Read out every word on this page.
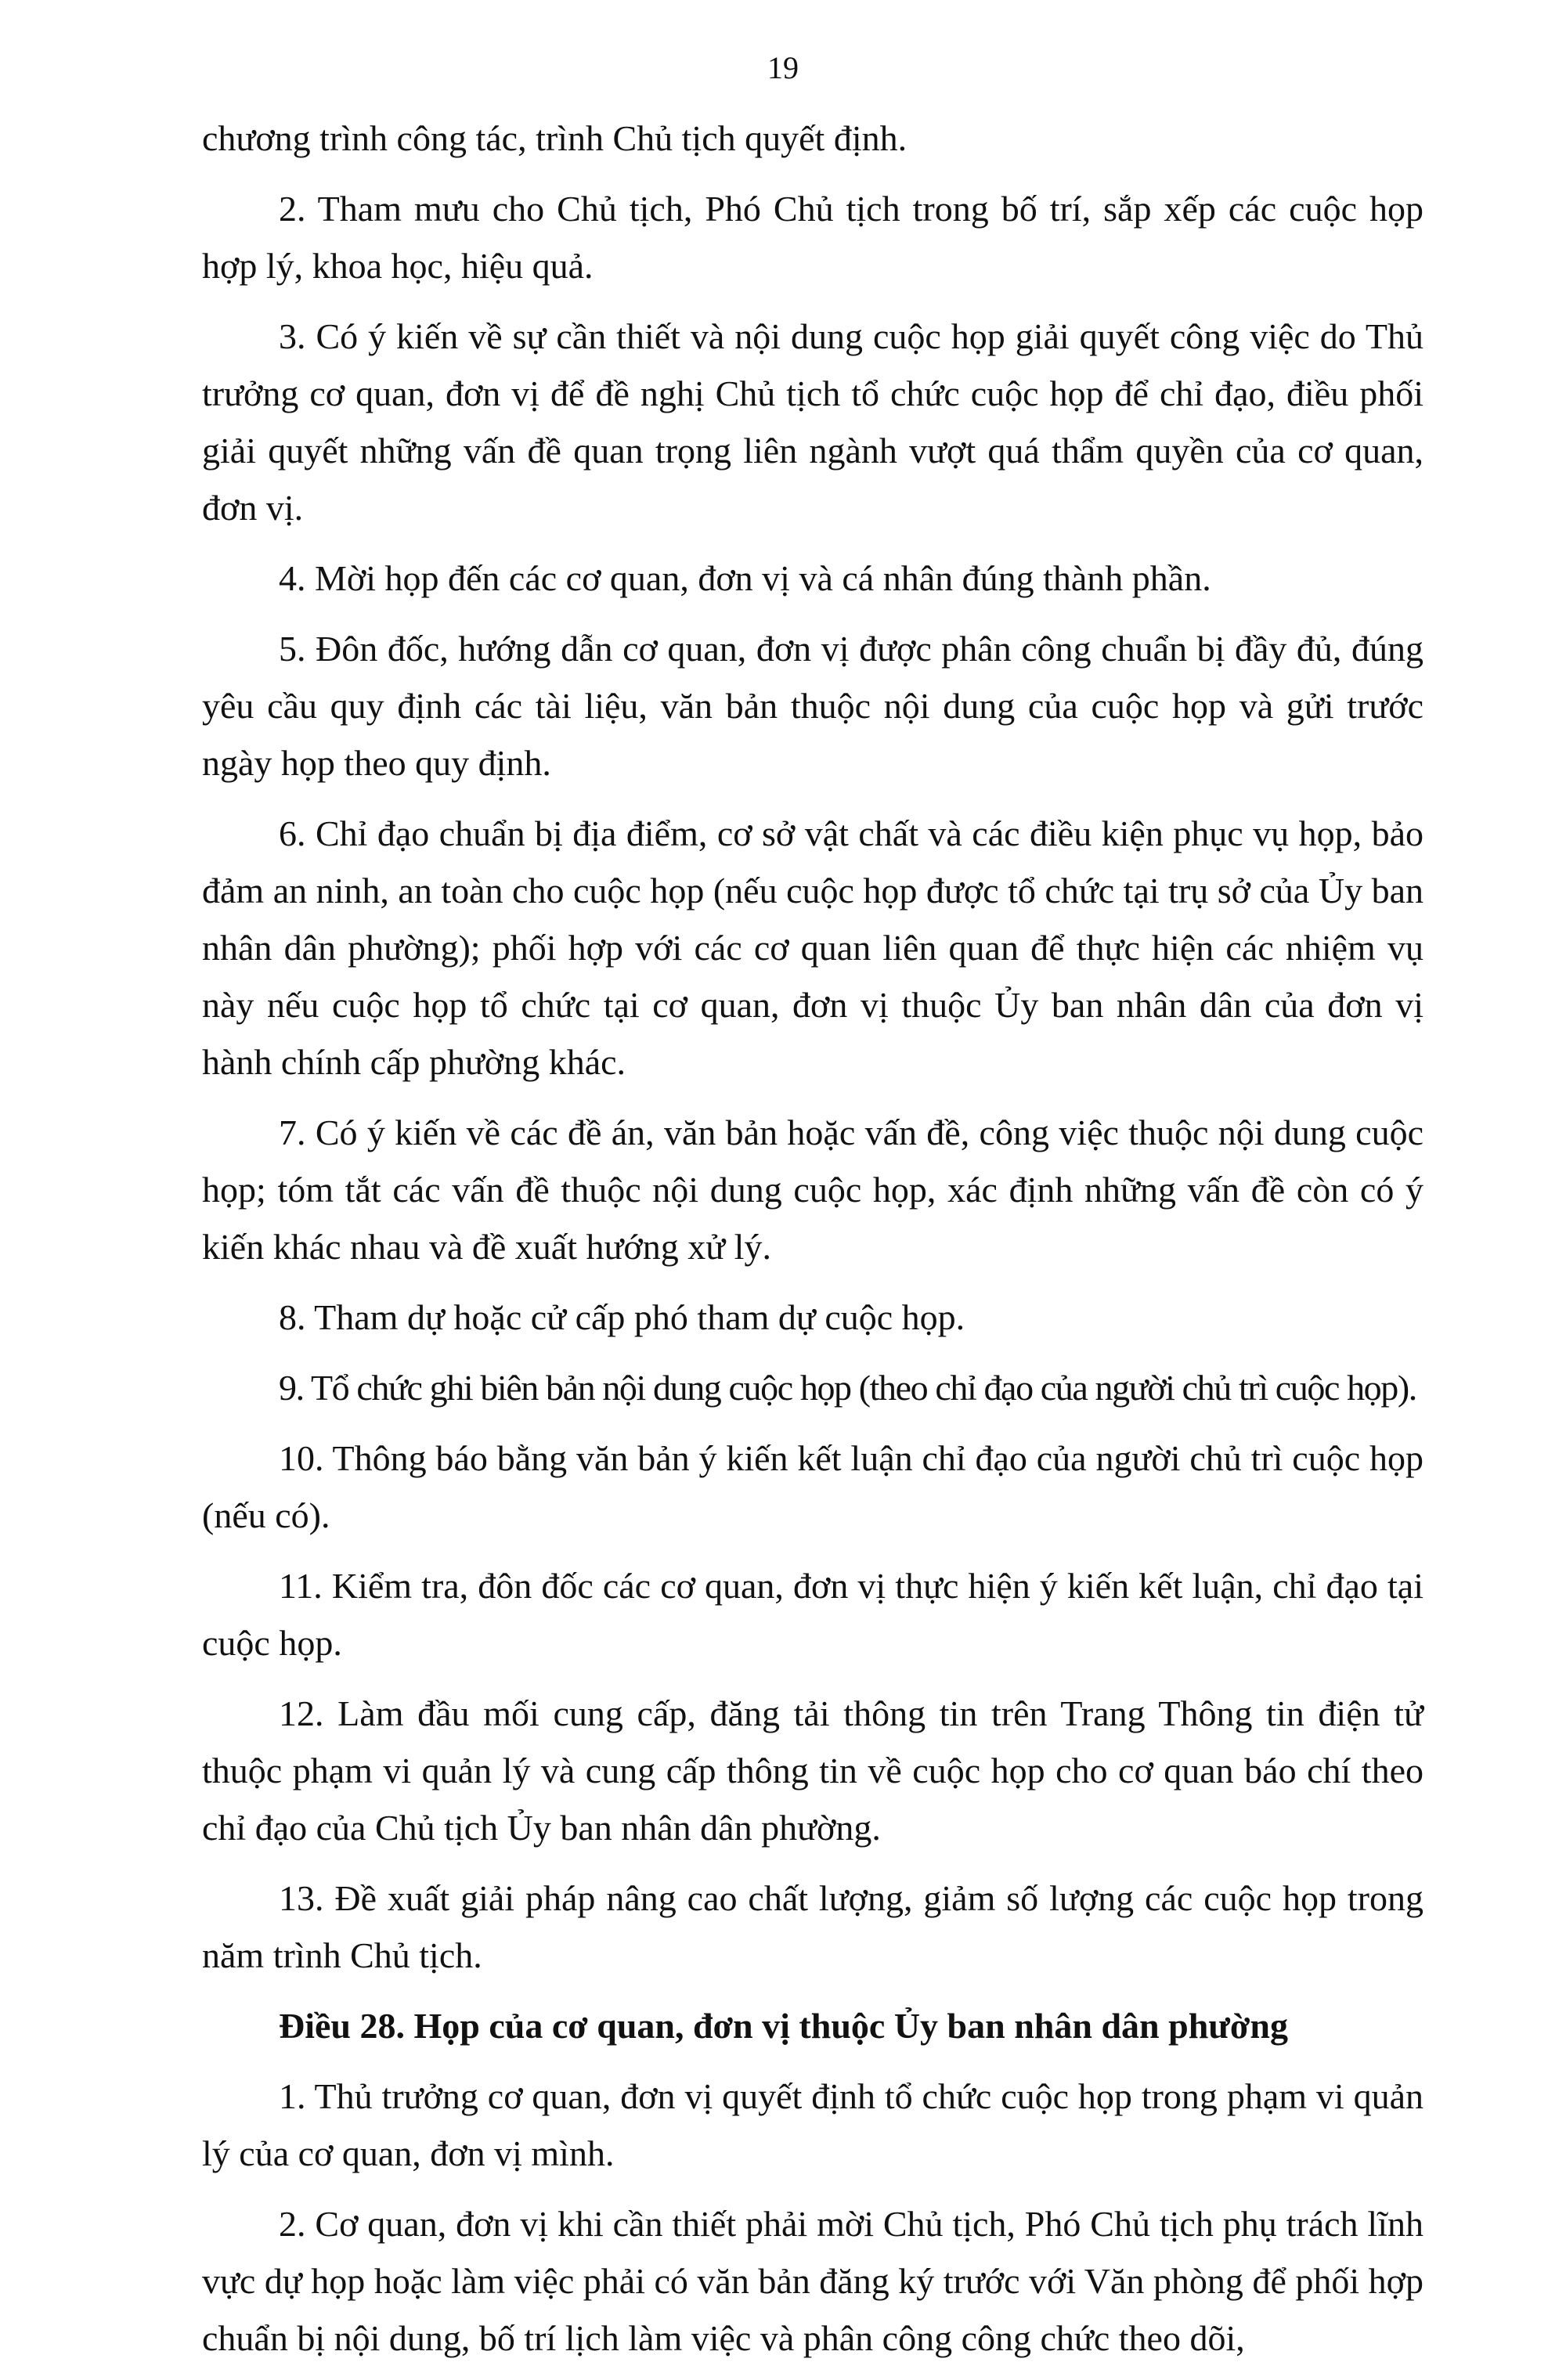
19

chương trình công tác, trình Chủ tịch quyết định.

2. Tham mưu cho Chủ tịch, Phó Chủ tịch trong bố trí, sắp xếp các cuộc họp hợp lý, khoa học, hiệu quả.

3. Có ý kiến về sự cần thiết và nội dung cuộc họp giải quyết công việc do Thủ trưởng cơ quan, đơn vị để đề nghị Chủ tịch tổ chức cuộc họp để chỉ đạo, điều phối giải quyết những vấn đề quan trọng liên ngành vượt quá thẩm quyền của cơ quan, đơn vị.

4. Mời họp đến các cơ quan, đơn vị và cá nhân đúng thành phần.

5. Đôn đốc, hướng dẫn cơ quan, đơn vị được phân công chuẩn bị đầy đủ, đúng yêu cầu quy định các tài liệu, văn bản thuộc nội dung của cuộc họp và gửi trước ngày họp theo quy định.

6. Chỉ đạo chuẩn bị địa điểm, cơ sở vật chất và các điều kiện phục vụ họp, bảo đảm an ninh, an toàn cho cuộc họp (nếu cuộc họp được tổ chức tại trụ sở của Ủy ban nhân dân phường); phối hợp với các cơ quan liên quan để thực hiện các nhiệm vụ này nếu cuộc họp tổ chức tại cơ quan, đơn vị thuộc Ủy ban nhân dân của đơn vị hành chính cấp phường khác.

7. Có ý kiến về các đề án, văn bản hoặc vấn đề, công việc thuộc nội dung cuộc họp; tóm tắt các vấn đề thuộc nội dung cuộc họp, xác định những vấn đề còn có ý kiến khác nhau và đề xuất hướng xử lý.

8. Tham dự hoặc cử cấp phó tham dự cuộc họp.

9. Tổ chức ghi biên bản nội dung cuộc họp (theo chỉ đạo của người chủ trì cuộc họp).

10. Thông báo bằng văn bản ý kiến kết luận chỉ đạo của người chủ trì cuộc họp (nếu có).

11. Kiểm tra, đôn đốc các cơ quan, đơn vị thực hiện ý kiến kết luận, chỉ đạo tại cuộc họp.

12. Làm đầu mối cung cấp, đăng tải thông tin trên Trang Thông tin điện tử thuộc phạm vi quản lý và cung cấp thông tin về cuộc họp cho cơ quan báo chí theo chỉ đạo của Chủ tịch Ủy ban nhân dân phường.

13. Đề xuất giải pháp nâng cao chất lượng, giảm số lượng các cuộc họp trong năm trình Chủ tịch.

Điều 28. Họp của cơ quan, đơn vị thuộc Ủy ban nhân dân phường

1. Thủ trưởng cơ quan, đơn vị quyết định tổ chức cuộc họp trong phạm vi quản lý của cơ quan, đơn vị mình.

2. Cơ quan, đơn vị khi cần thiết phải mời Chủ tịch, Phó Chủ tịch phụ trách lĩnh vực dự họp hoặc làm việc phải có văn bản đăng ký trước với Văn phòng để phối hợp chuẩn bị nội dung, bố trí lịch làm việc và phân công công chức theo dõi,
